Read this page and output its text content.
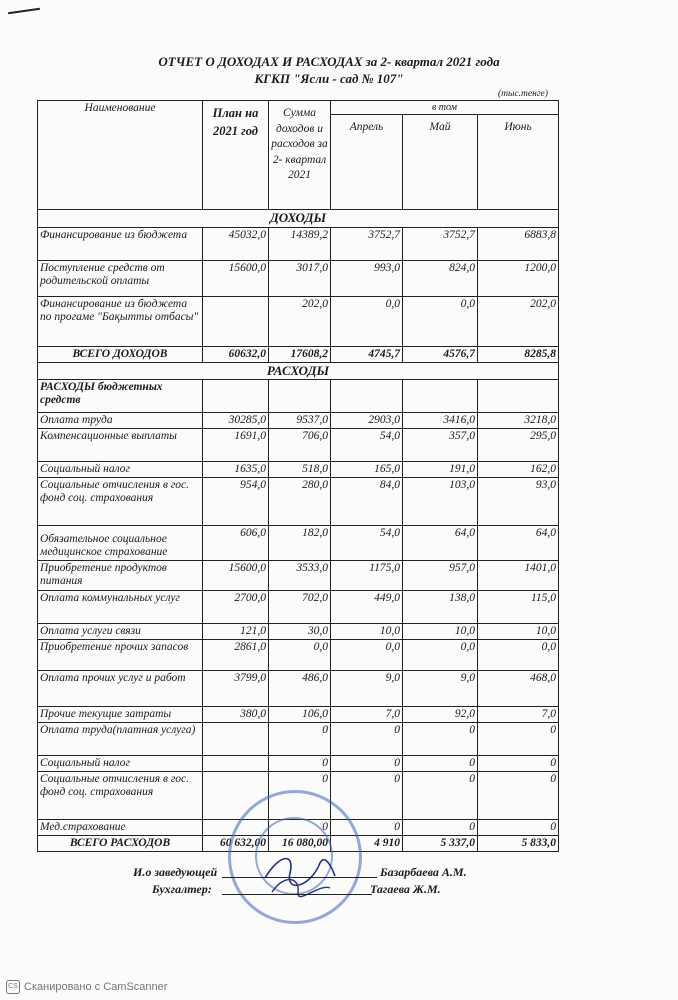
ОТЧЕТ О ДОХОДАХ И РАСХОДАХ за 2- квартал 2021 года
КГКП "Ясли - сад № 107"
(тыс.тенге)
Наименование	План на 2021 год	Сумма доходов и расходов за 2- квартал 2021	в том		
			Апрель	Май	Июнь
ДОХОДЫ					
Финансирование из бюджета	45032,0	14389,2	3752,7	3752,7	6883,8
Поступление средств от родительской оплаты	15600,0	3017,0	993,0	824,0	1200,0
Финансирование из бюджета по прогаме "Бақытты отбасы"		202,0	0,0	0,0	202,0
ВСЕГО ДОХОДОВ	60632,0	17608,2	4745,7	4576,7	8285,8
РАСХОДЫ					
РАСХОДЫ бюджетных средств					
Оплата труда	30285,0	9537,0	2903,0	3416,0	3218,0
Компенсационные выплаты	1691,0	706,0	54,0	357,0	295,0
Социальный налог	1635,0	518,0	165,0	191,0	162,0
Социальные отчисления в гос. фонд соц. страхования	954,0	280,0	84,0	103,0	93,0
Обязательное социальное медицинское страхование	606,0	182,0	54,0	64,0	64,0
Приобретение продуктов питания	15600,0	3533,0	1175,0	957,0	1401,0
Оплата коммунальных услуг	2700,0	702,0	449,0	138,0	115,0
Оплата услуги связи	121,0	30,0	10,0	10,0	10,0
Приобретение прочих запасов	2861,0	0,0	0,0	0,0	0,0
Оплата прочих услуг и работ	3799,0	486,0	9,0	9,0	468,0
Прочие текущие затраты	380,0	106,0	7,0	92,0	7,0
Оплата труда(платная услуга)		0	0	0	0
Социальный налог		0	0	0	0
Социальные отчисления в гос. фонд соц. страхования		0	0	0	0
Мед.страхование		0	0	0	0
ВСЕГО РАСХОДОВ	60 632,00	16 080,00	4 910	5 337,0	5 833,0
И.о заведующей	Базарбаева А.М.
Бухгалтер:	Тагаева Ж.М.
CS Сканировано с CamScanner
